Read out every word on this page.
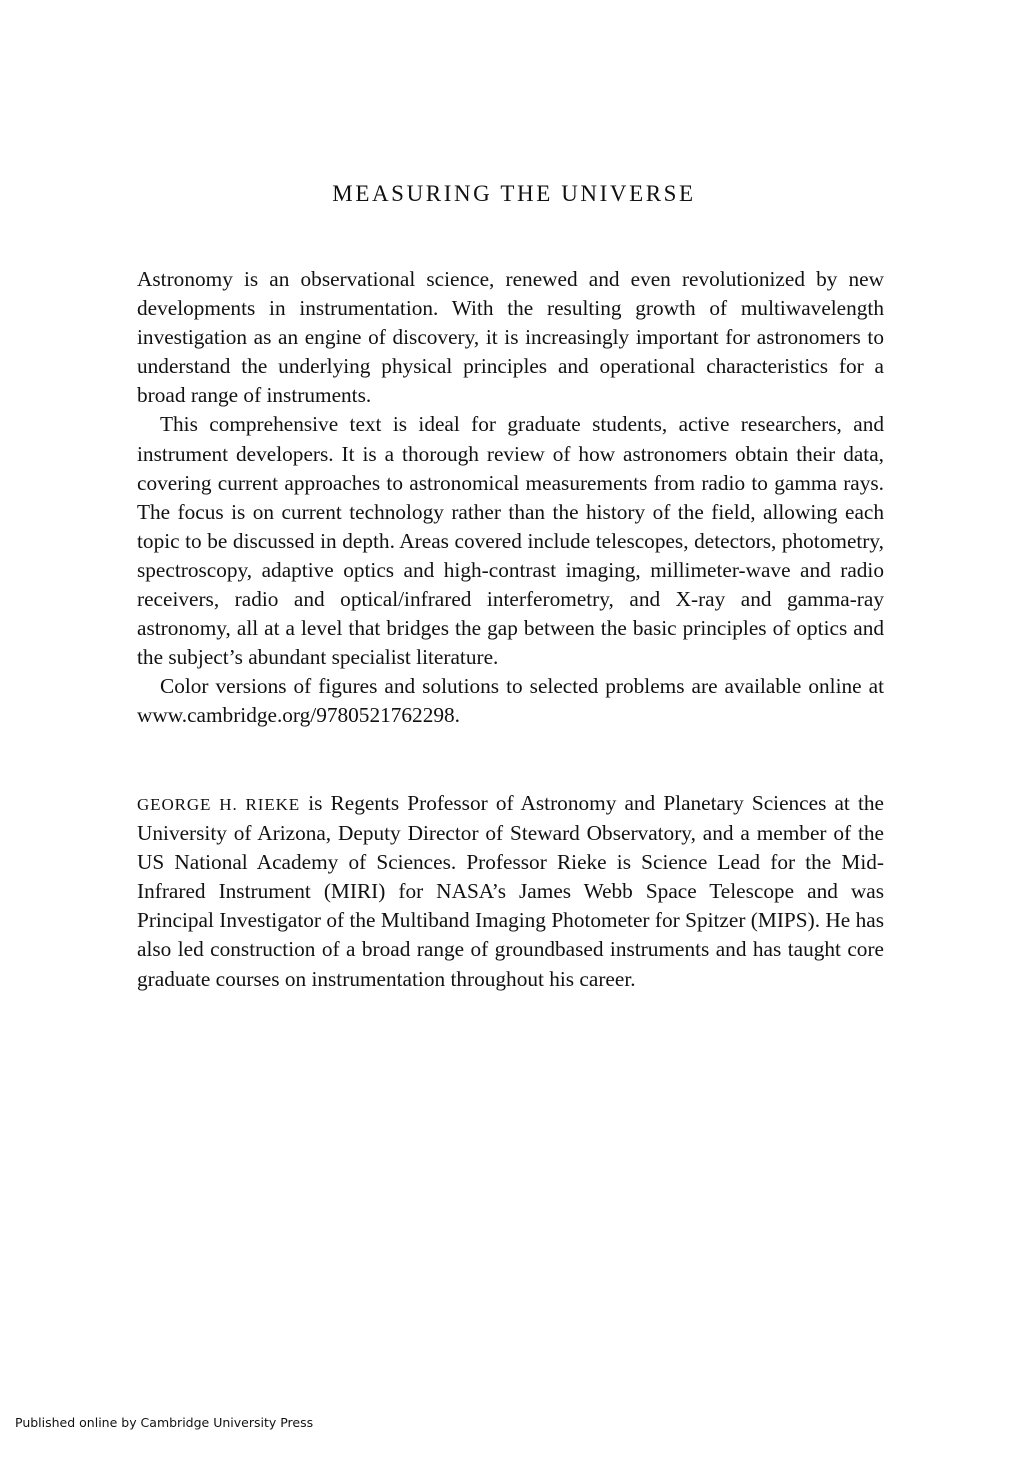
MEASURING THE UNIVERSE

Astronomy is an observational science, renewed and even revolutionized by new developments in instrumentation. With the resulting growth of multiwavelength investigation as an engine of discovery, it is increasingly important for astronomers to understand the underlying physical principles and operational characteristics for a broad range of instruments.

This comprehensive text is ideal for graduate students, active researchers, and instrument developers. It is a thorough review of how astronomers obtain their data, covering current approaches to astronomical measurements from radio to gamma rays. The focus is on current technology rather than the history of the field, allowing each topic to be discussed in depth. Areas covered include telescopes, detectors, photometry, spectroscopy, adaptive optics and high-contrast imaging, millimeter-wave and radio receivers, radio and optical/infrared interferometry, and X-ray and gamma-ray astronomy, all at a level that bridges the gap between the basic principles of optics and the subject’s abundant specialist literature.

Color versions of figures and solutions to selected problems are available online at www.cambridge.org/9780521762298.

GEORGE H. RIEKE is Regents Professor of Astronomy and Planetary Sciences at the University of Arizona, Deputy Director of Steward Observatory, and a member of the US National Academy of Sciences. Professor Rieke is Science Lead for the Mid-Infrared Instrument (MIRI) for NASA’s James Webb Space Telescope and was Principal Investigator of the Multiband Imaging Photometer for Spitzer (MIPS). He has also led construction of a broad range of groundbased instruments and has taught core graduate courses on instrumentation throughout his career.

Published online by Cambridge University Press
